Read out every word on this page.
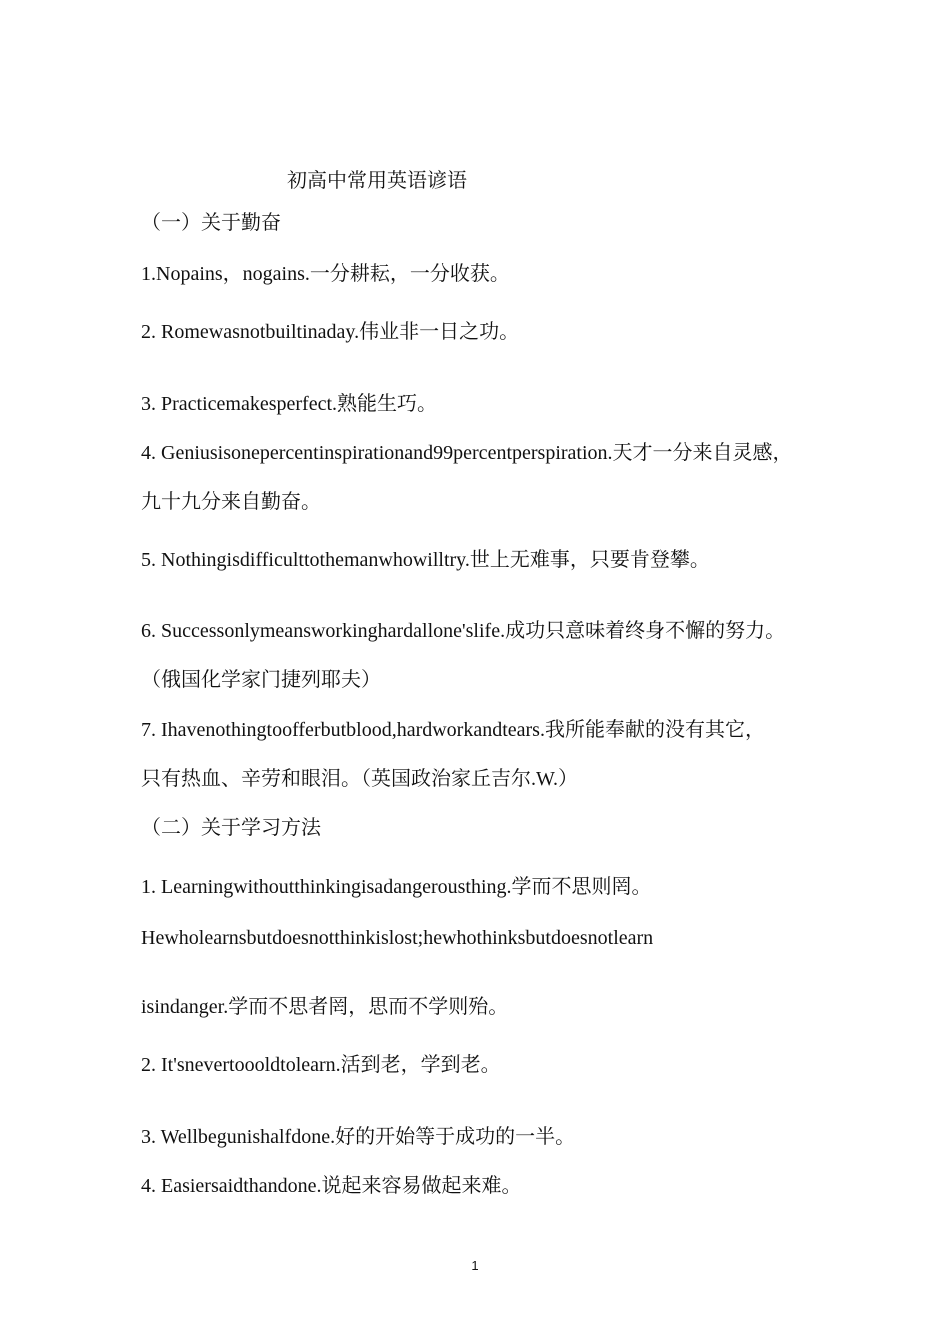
初高中常用英语谚语

（一）关于勤奋

1.Nopains，nogains.一分耕耘，一分收获。

2. Romewasnotbuiltinaday.伟业非一日之功。

3. Practicemakesperfect.熟能生巧。

4. Geniusisonepercentinspirationand99percentperspiration.天才一分来自灵感，

九十九分来自勤奋。

5. Nothingisdifficulttothemanwhowilltry.世上无难事，只要肯登攀。

6. Successonlymeansworkinghardallone'slife.成功只意味着终身不懈的努力。

（俄国化学家门捷列耶夫）

7. Ihavenothingtoofferbutblood,hardworkandtears.我所能奉献的没有其它，

只有热血、辛劳和眼泪。（英国政治家丘吉尔.W.）

（二）关于学习方法

1. Learningwithoutthinkingisadangerousthing.学而不思则罔。

Hewholearnsbutdoesnotthinkislost;hewhothinksbutdoesnotlearn

isindanger.学而不思者罔，思而不学则殆。

2. It'snevertoooldtolearn.活到老，学到老。

3. Wellbegunishalfdone.好的开始等于成功的一半。

4. Easiersaidthandone.说起来容易做起来难。

1
